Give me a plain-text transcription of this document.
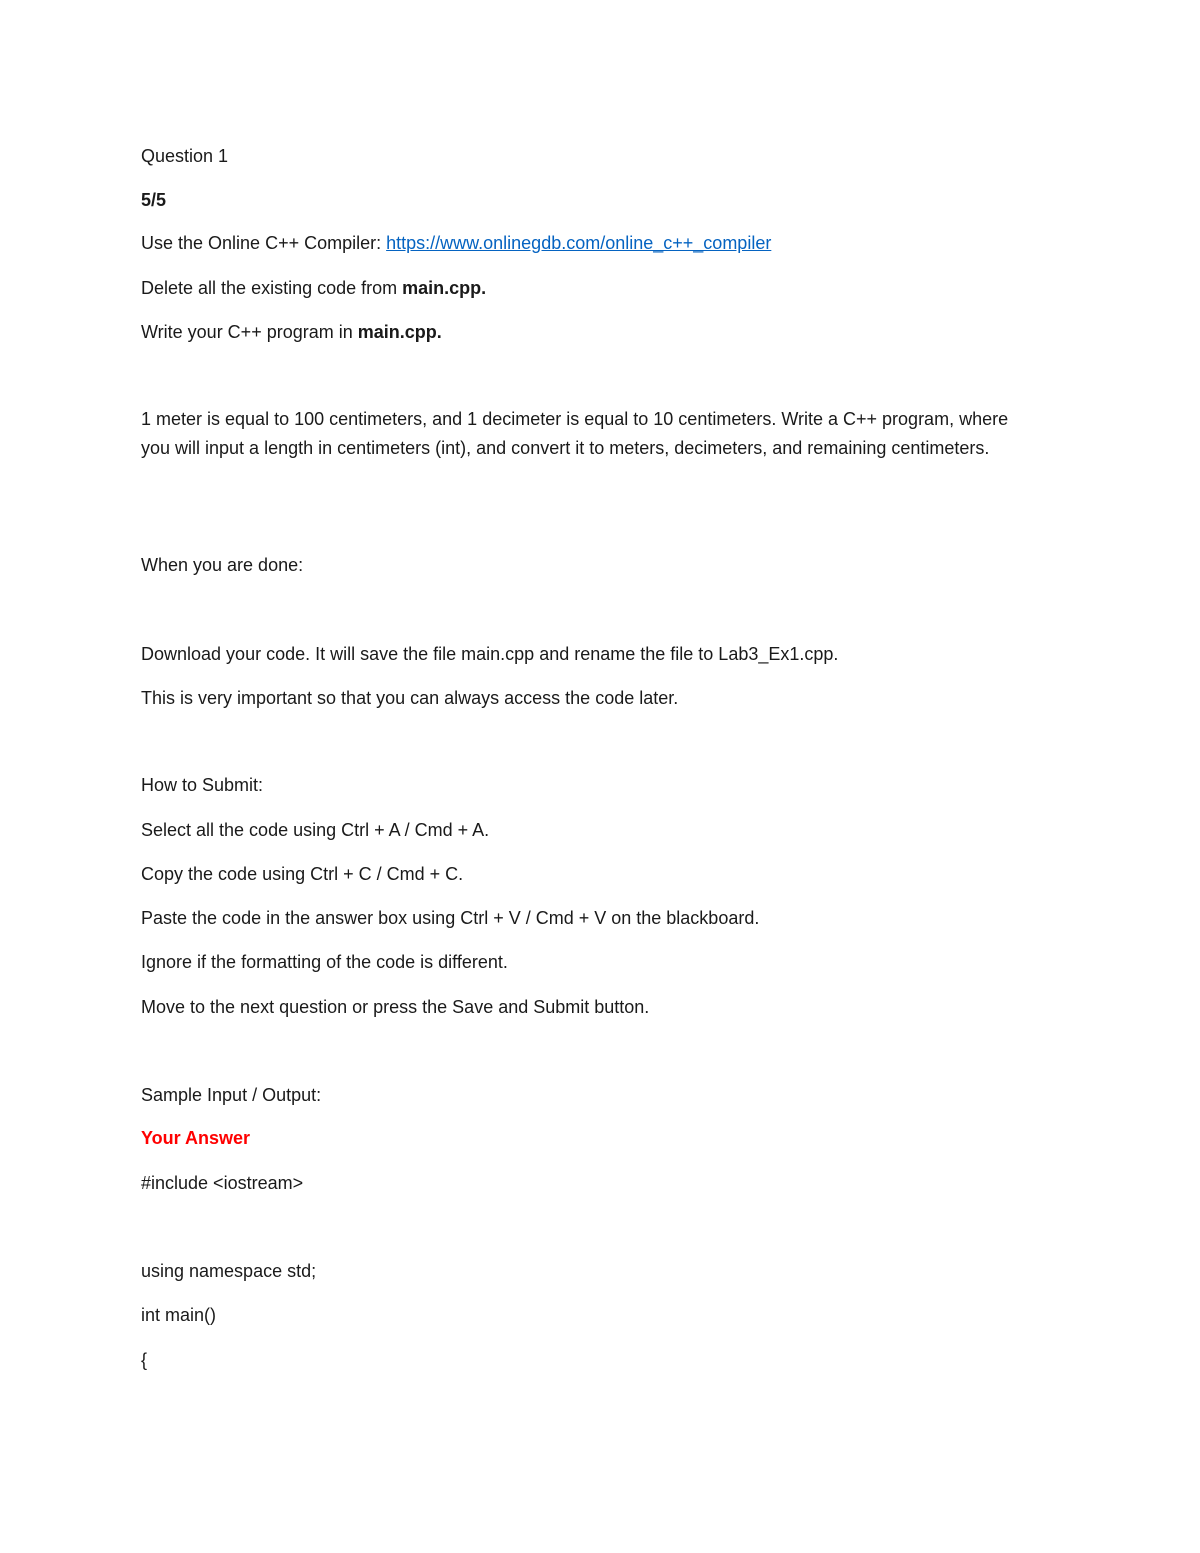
Question 1
5/5
Use the Online C++ Compiler: https://www.onlinegdb.com/online_c++_compiler
Delete all the existing code from main.cpp.
Write your C++ program in main.cpp.
1 meter is equal to 100 centimeters, and 1 decimeter is equal to 10 centimeters. Write a C++ program, where you will input a length in centimeters (int), and convert it to meters, decimeters, and remaining centimeters.
When you are done:
Download your code. It will save the file main.cpp and rename the file to Lab3_Ex1.cpp.
This is very important so that you can always access the code later.
How to Submit:
Select all the code using Ctrl + A / Cmd + A.
Copy the code using Ctrl + C / Cmd + C.
Paste the code in the answer box using Ctrl + V / Cmd + V on the blackboard.
Ignore if the formatting of the code is different.
Move to the next question or press the Save and Submit button.
Sample Input / Output:
Your Answer
#include <iostream>
using namespace std;
int main()
{
